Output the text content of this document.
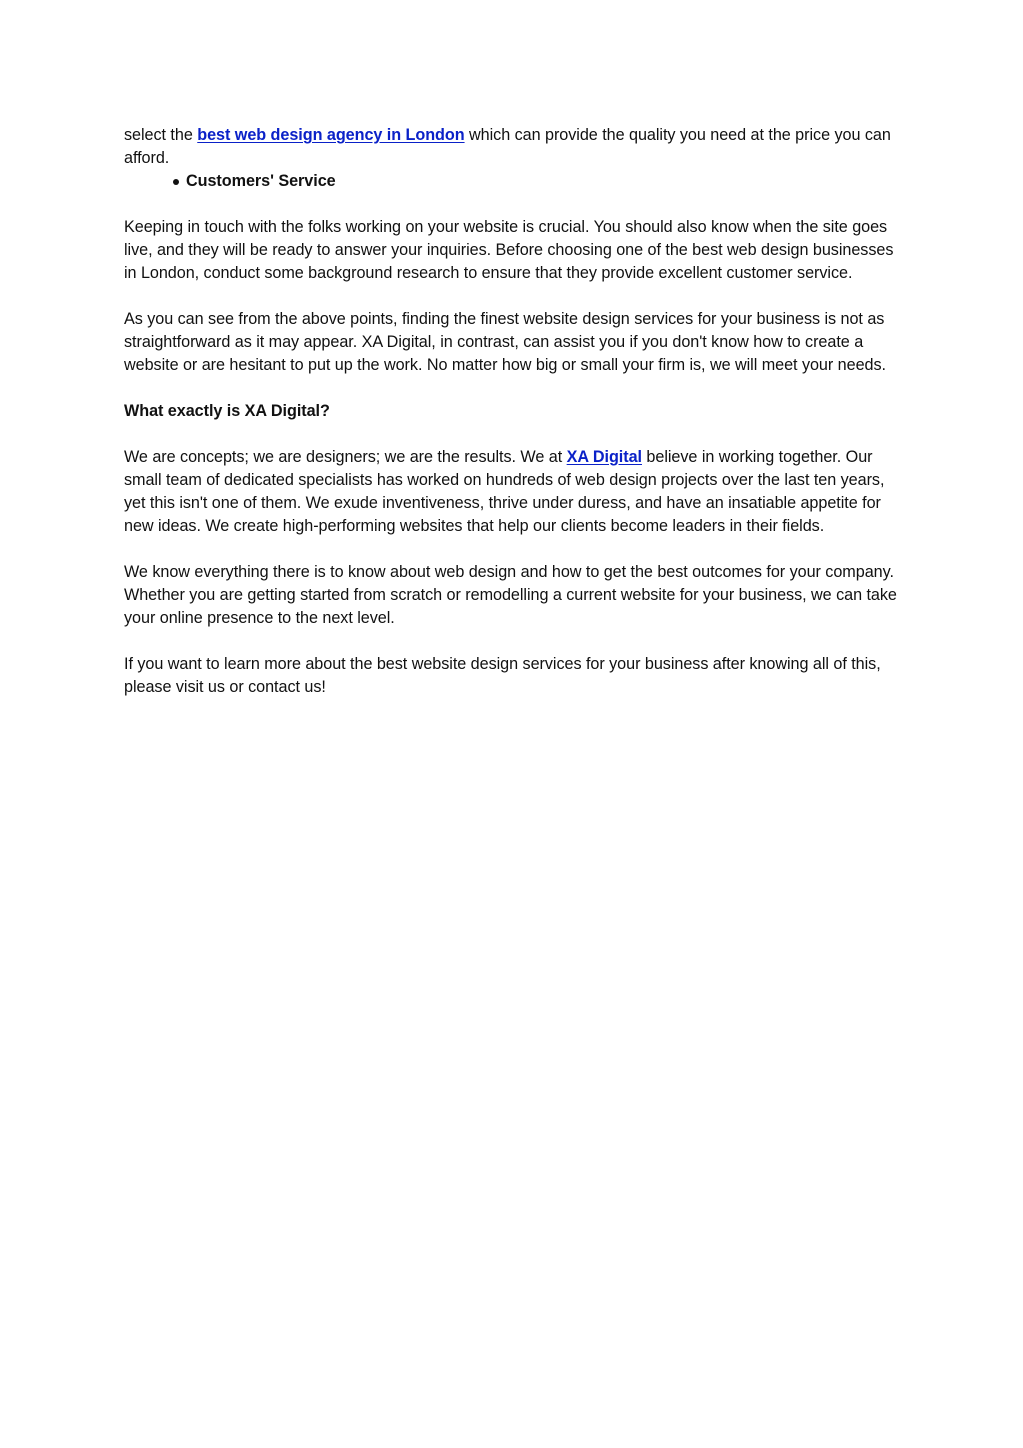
select the best web design agency in London which can provide the quality you need at the price you can afford.

Customers' Service

Keeping in touch with the folks working on your website is crucial. You should also know when the site goes live, and they will be ready to answer your inquiries. Before choosing one of the best web design businesses in London, conduct some background research to ensure that they provide excellent customer service.

As you can see from the above points, finding the finest website design services for your business is not as straightforward as it may appear. XA Digital, in contrast, can assist you if you don't know how to create a website or are hesitant to put up the work. No matter how big or small your firm is, we will meet your needs.

What exactly is XA Digital?

We are concepts; we are designers; we are the results. We at XA Digital believe in working together. Our small team of dedicated specialists has worked on hundreds of web design projects over the last ten years, yet this isn't one of them. We exude inventiveness, thrive under duress, and have an insatiable appetite for new ideas. We create high-performing websites that help our clients become leaders in their fields.

We know everything there is to know about web design and how to get the best outcomes for your company. Whether you are getting started from scratch or remodelling a current website for your business, we can take your online presence to the next level.

If you want to learn more about the best website design services for your business after knowing all of this, please visit us or contact us!
